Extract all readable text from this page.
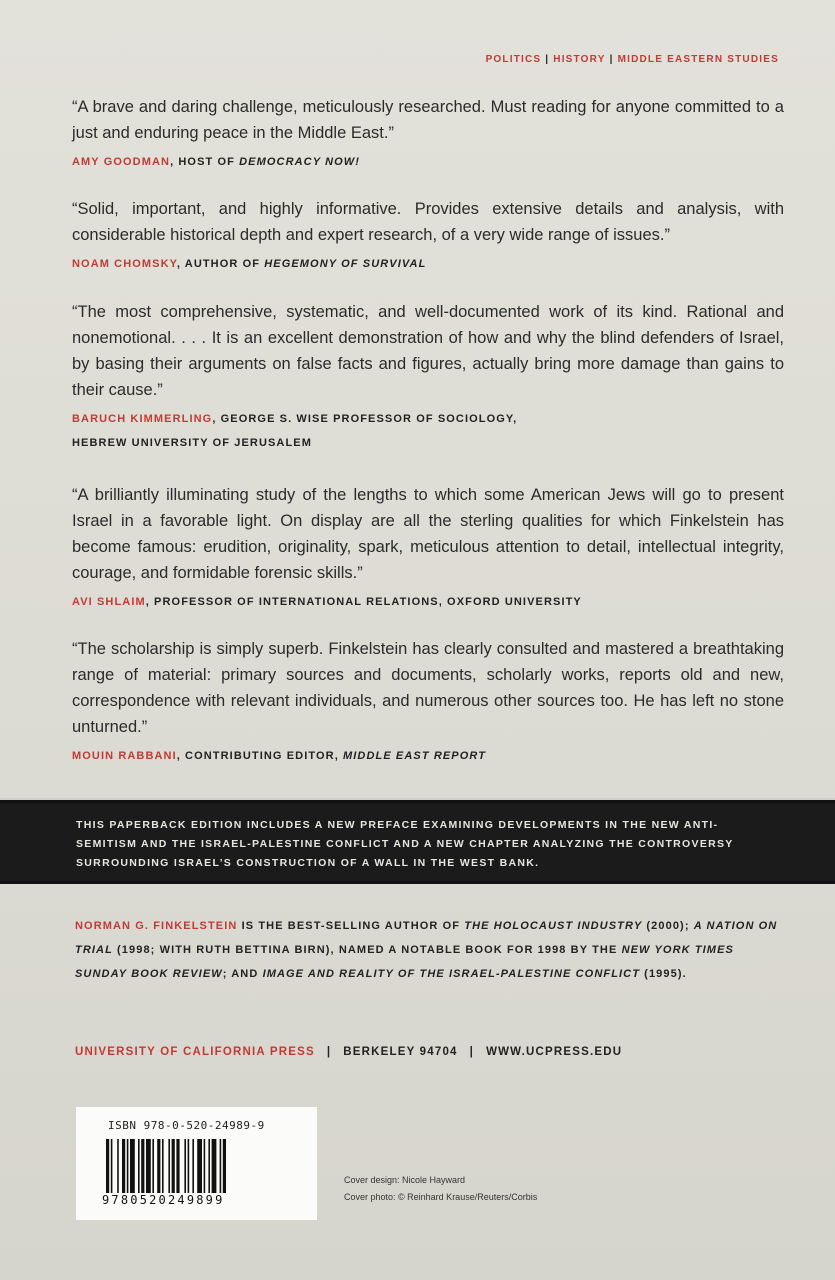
POLITICS | HISTORY | MIDDLE EASTERN STUDIES
“A brave and daring challenge, meticulously researched. Must reading for anyone committed to a just and enduring peace in the Middle East.”
AMY GOODMAN, HOST OF DEMOCRACY NOW!
“Solid, important, and highly informative. Provides extensive details and analysis, with considerable historical depth and expert research, of a very wide range of issues.”
NOAM CHOMSKY, AUTHOR OF HEGEMONY OF SURVIVAL
“The most comprehensive, systematic, and well-documented work of its kind. Rational and nonemotional. . . . It is an excellent demonstration of how and why the blind defenders of Israel, by basing their arguments on false facts and figures, actually bring more damage than gains to their cause.”
BARUCH KIMMERLING, GEORGE S. WISE PROFESSOR OF SOCIOLOGY,
HEBREW UNIVERSITY OF JERUSALEM
“A brilliantly illuminating study of the lengths to which some American Jews will go to present Israel in a favorable light. On display are all the sterling qualities for which Finkelstein has become famous: erudition, originality, spark, meticulous attention to detail, intellectual integrity, courage, and formidable forensic skills.”
AVI SHLAIM, PROFESSOR OF INTERNATIONAL RELATIONS, OXFORD UNIVERSITY
“The scholarship is simply superb. Finkelstein has clearly consulted and mastered a breathtaking range of material: primary sources and documents, scholarly works, reports old and new, correspondence with relevant individuals, and numerous other sources too. He has left no stone unturned.”
MOUIN RABBANI, CONTRIBUTING EDITOR, MIDDLE EAST REPORT
THIS PAPERBACK EDITION INCLUDES A NEW PREFACE EXAMINING DEVELOPMENTS IN THE NEW ANTI-SEMITISM AND THE ISRAEL-PALESTINE CONFLICT AND A NEW CHAPTER ANALYZING THE CONTROVERSY SURROUNDING ISRAEL’S CONSTRUCTION OF A WALL IN THE WEST BANK.
NORMAN G. FINKELSTEIN IS THE BEST-SELLING AUTHOR OF THE HOLOCAUST INDUSTRY (2000); A NATION ON TRIAL (1998; WITH RUTH BETTINA BIRN), NAMED A NOTABLE BOOK FOR 1998 BY THE NEW YORK TIMES SUNDAY BOOK REVIEW; AND IMAGE AND REALITY OF THE ISRAEL-PALESTINE CONFLICT (1995).
UNIVERSITY OF CALIFORNIA PRESS | BERKELEY 94704 | WWW.UCPRESS.EDU
ISBN 978-0-520-24989-9
9780520249899
Cover design: Nicole Hayward
Cover photo: © Reinhard Krause/Reuters/Corbis
